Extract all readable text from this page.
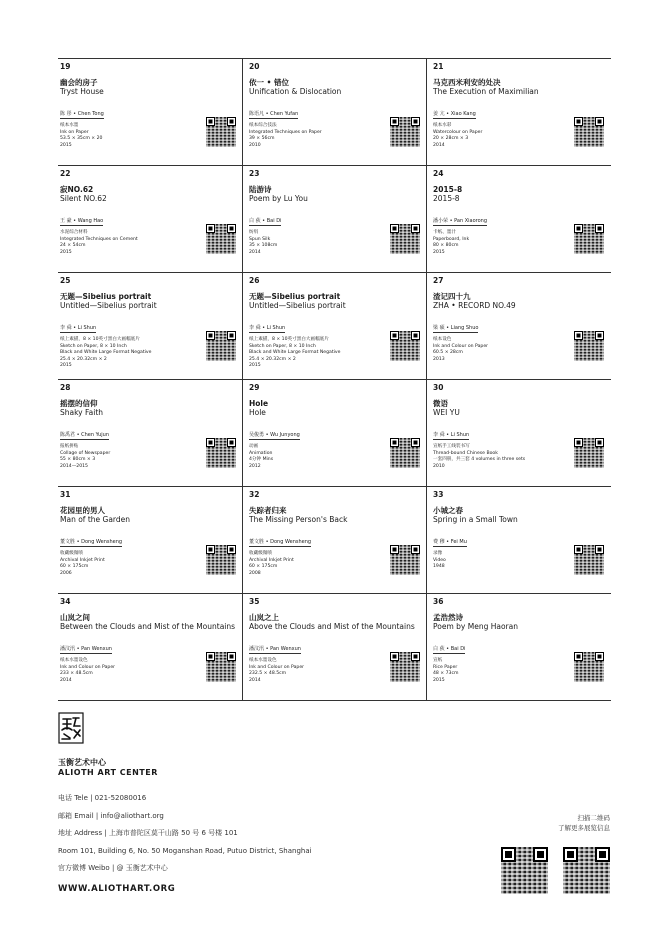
19
幽会的房子
Tryst House
陈 彤 • Chen Tong
纸本水墨
Ink on Paper
53.5 × 35cm × 20
2015
20
依一 • 错位
Unification & Dislocation
陈语凡 • Chen Yufan
纸本综合技法
Integrated Techniques on Paper
39 × 56cm
2010
21
马克西米利安的处决
The Execution of Maximilian
姜 亢 • Xiao Kang
纸本水彩
Watercolour on Paper
20 × 28cm × 3
2014
22
寂NO.62
Silent NO.62
王 豪 • Wang Hao
水泥综合材料
Integrated Techniques on Cement
24 × 54cm
2015
23
陆游诗
Poem by Lu You
白 荻 • Bai Di
纺绢
Spun Silk
35 × 108cm
2014
24
2015-8
2015-8
潘小荣 • Pan Xiaorong
卡纸、墨汁
Paperboard, Ink
80 × 80cm
2015
25
无题—Sibelius portrait
Untitled—Sibelius portrait
李 舜 • Li Shun
纸上素描，8 × 10英寸黑白大画幅底片
Sketch on Paper, 8 × 10 Inch
Black and White Large Format Negative
25.4 × 20.32cm × 2
2015
26
无题—Sibelius portrait
Untitled—Sibelius portrait
李 舜 • Li Shun
纸上素描，8 × 10英寸黑白大画幅底片
Sketch on Paper, 8 × 10 Inch
Black and White Large Format Negative
25.4 × 20.32cm × 2
2015
27
渣记四十九
ZHA • RECORD NO.49
梁 硕 • Liang Shuo
纸本设色
Ink and Colour on Paper
60.5 × 28cm
2013
28
摇摆的信仰
Shaky Faith
陈禹君 • Chen Yujun
报纸拼贴
Collage of Newspaper
55 × 80cm × 3
2014—2015
29
Hole
Hole
吴俊勇 • Wu Junyong
动画
Animation
4分钟 Mins
2012
30
微语
WEI YU
李 舜 • Li Shun
宣纸手工线装书写
Thread-bound Chinese Book
一套四册，共三套 4 volumes in three sets
2010
31
花园里的男人
Man of the Garden
董文胜 • Dong Wensheng
收藏级微喷
Archival Inkjet Print
60 × 175cm
2006
32
失踪者归来
The Missing Person's Back
董文胜 • Dong Wensheng
收藏级微喷
Archival Inkjet Print
60 × 175cm
2008
33
小城之春
Spring in a Small Town
费 穆 • Fei Mu
录像
Video
1948
34
山岚之间
Between the Clouds and Mist of the Mountains
潘汶汛 • Pan Wenxun
纸本水墨设色
Ink and Colour on Paper
233 × 48.5cm
2014
35
山岚之上
Above the Clouds and Mist of the Mountains
潘汶汛 • Pan Wenxun
纸本水墨设色
Ink and Colour on Paper
232.5 × 48.5cm
2014
36
孟浩然诗
Poem by Meng Haoran
白 荻 • Bai Di
宣纸
Rice Paper
48 × 73cm
2015
玉衡艺术中心
ALIOTH ART CENTER
电话 Tele | 021-52080016
邮箱 Email | info@aliothart.org
地址 Address | 上海市普陀区莫干山路 50 号 6 号楼 101
Room 101, Building 6, No. 50 Moganshan Road, Putuo District, Shanghai
官方微博 Weibo | @ 玉衡艺术中心
WWW.ALIOTHART.ORG
扫描二维码
了解更多展览信息
